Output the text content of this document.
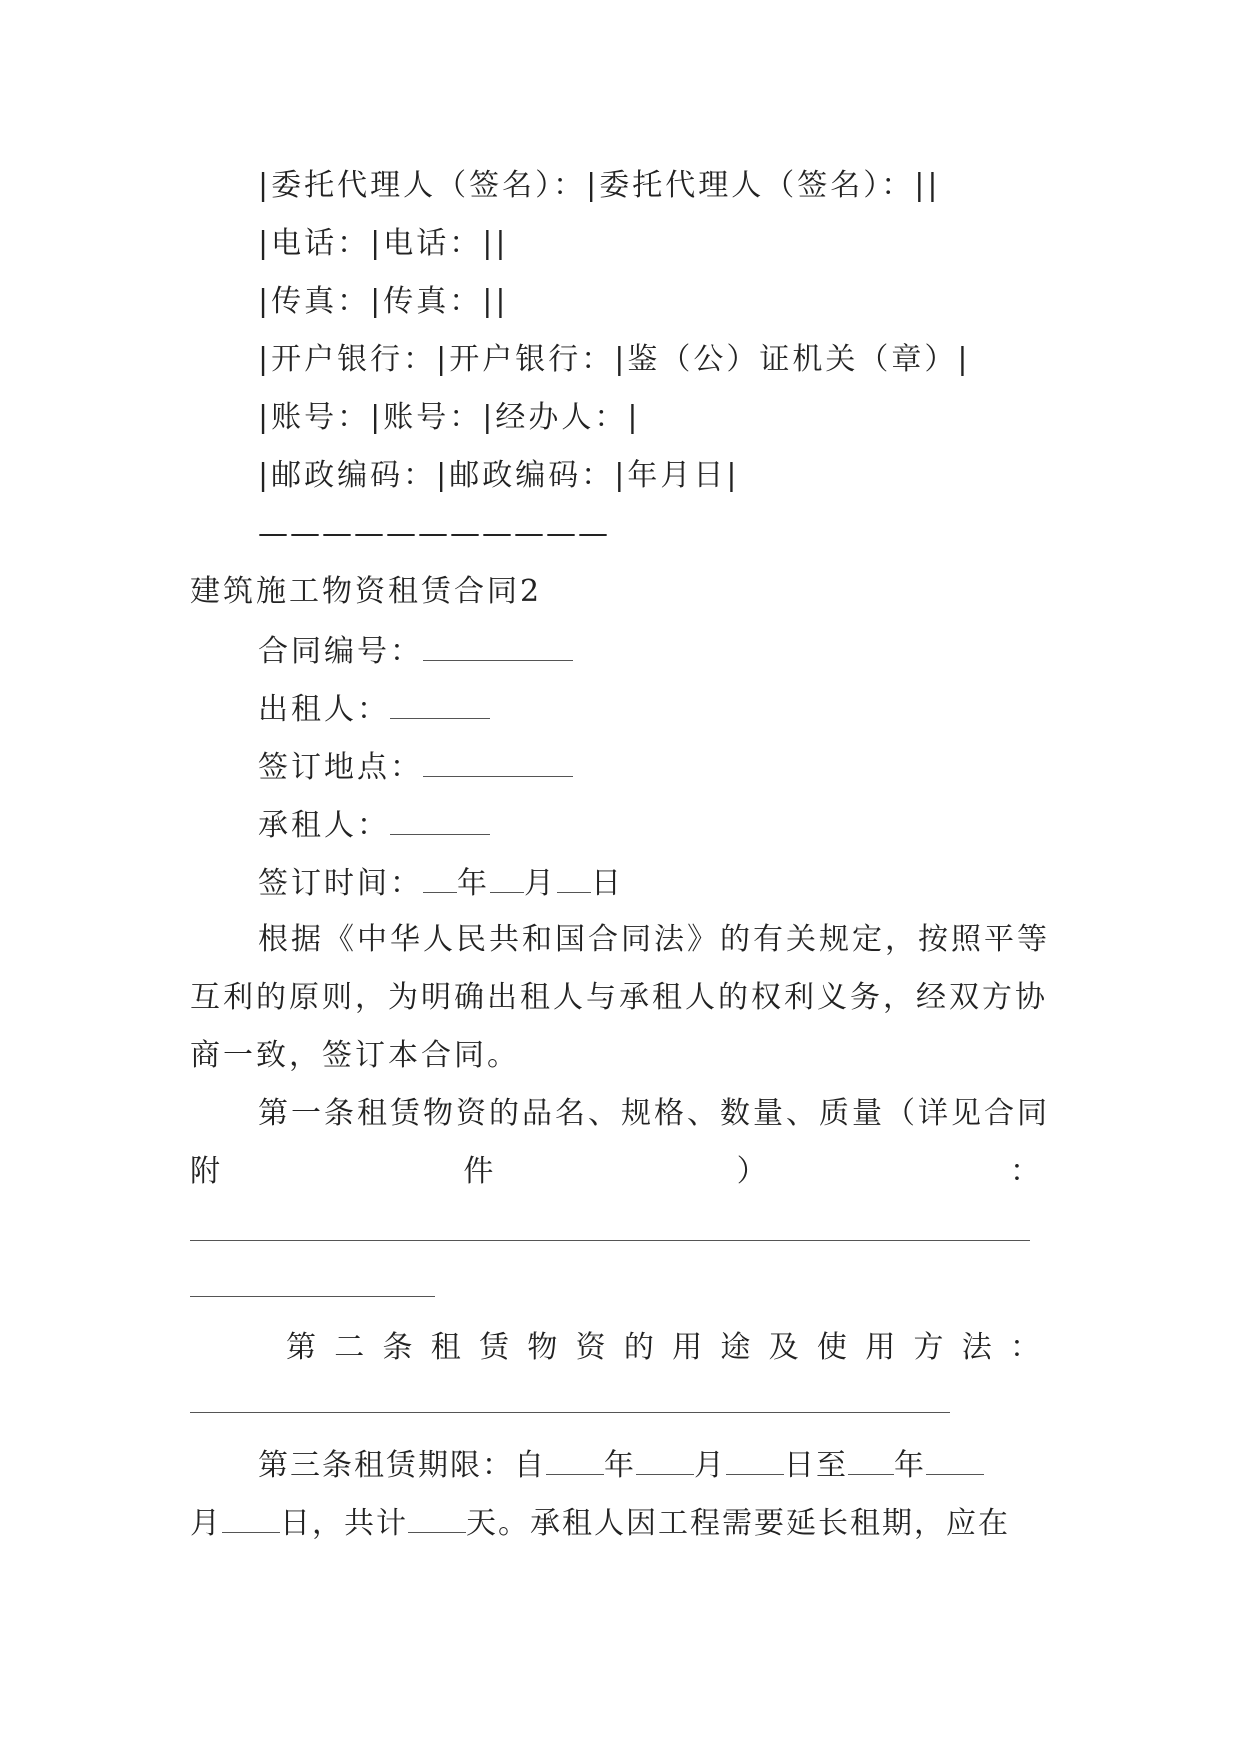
|委托代理人（签名）：|委托代理人（签名）：||
|电话：|电话：||
|传真：|传真：||
|开户银行：|开户银行：|鉴（公）证机关（章）|
|账号：|账号：|经办人：|
|邮政编码：|邮政编码：|年月日|
———————————
建筑施工物资租赁合同2
合同编号：
出租人：
签订地点：
承租人：
签订时间： 年 月 日
根据《中华人民共和国合同法》的有关规定，按照平等
互利的原则，为明确出租人与承租人的权利义务，经双方协
商一致，签订本合同。
第一条租赁物资的品名、规格、数量、质量（详见合同
附	件	）	：
第 二 条 租 赁 物 资 的 用 途 及 使 用 方 法 ：
第三条租赁期限：自 年 月 日至 年
月 日，共计 天。承租人因工程需要延长租期，应在
